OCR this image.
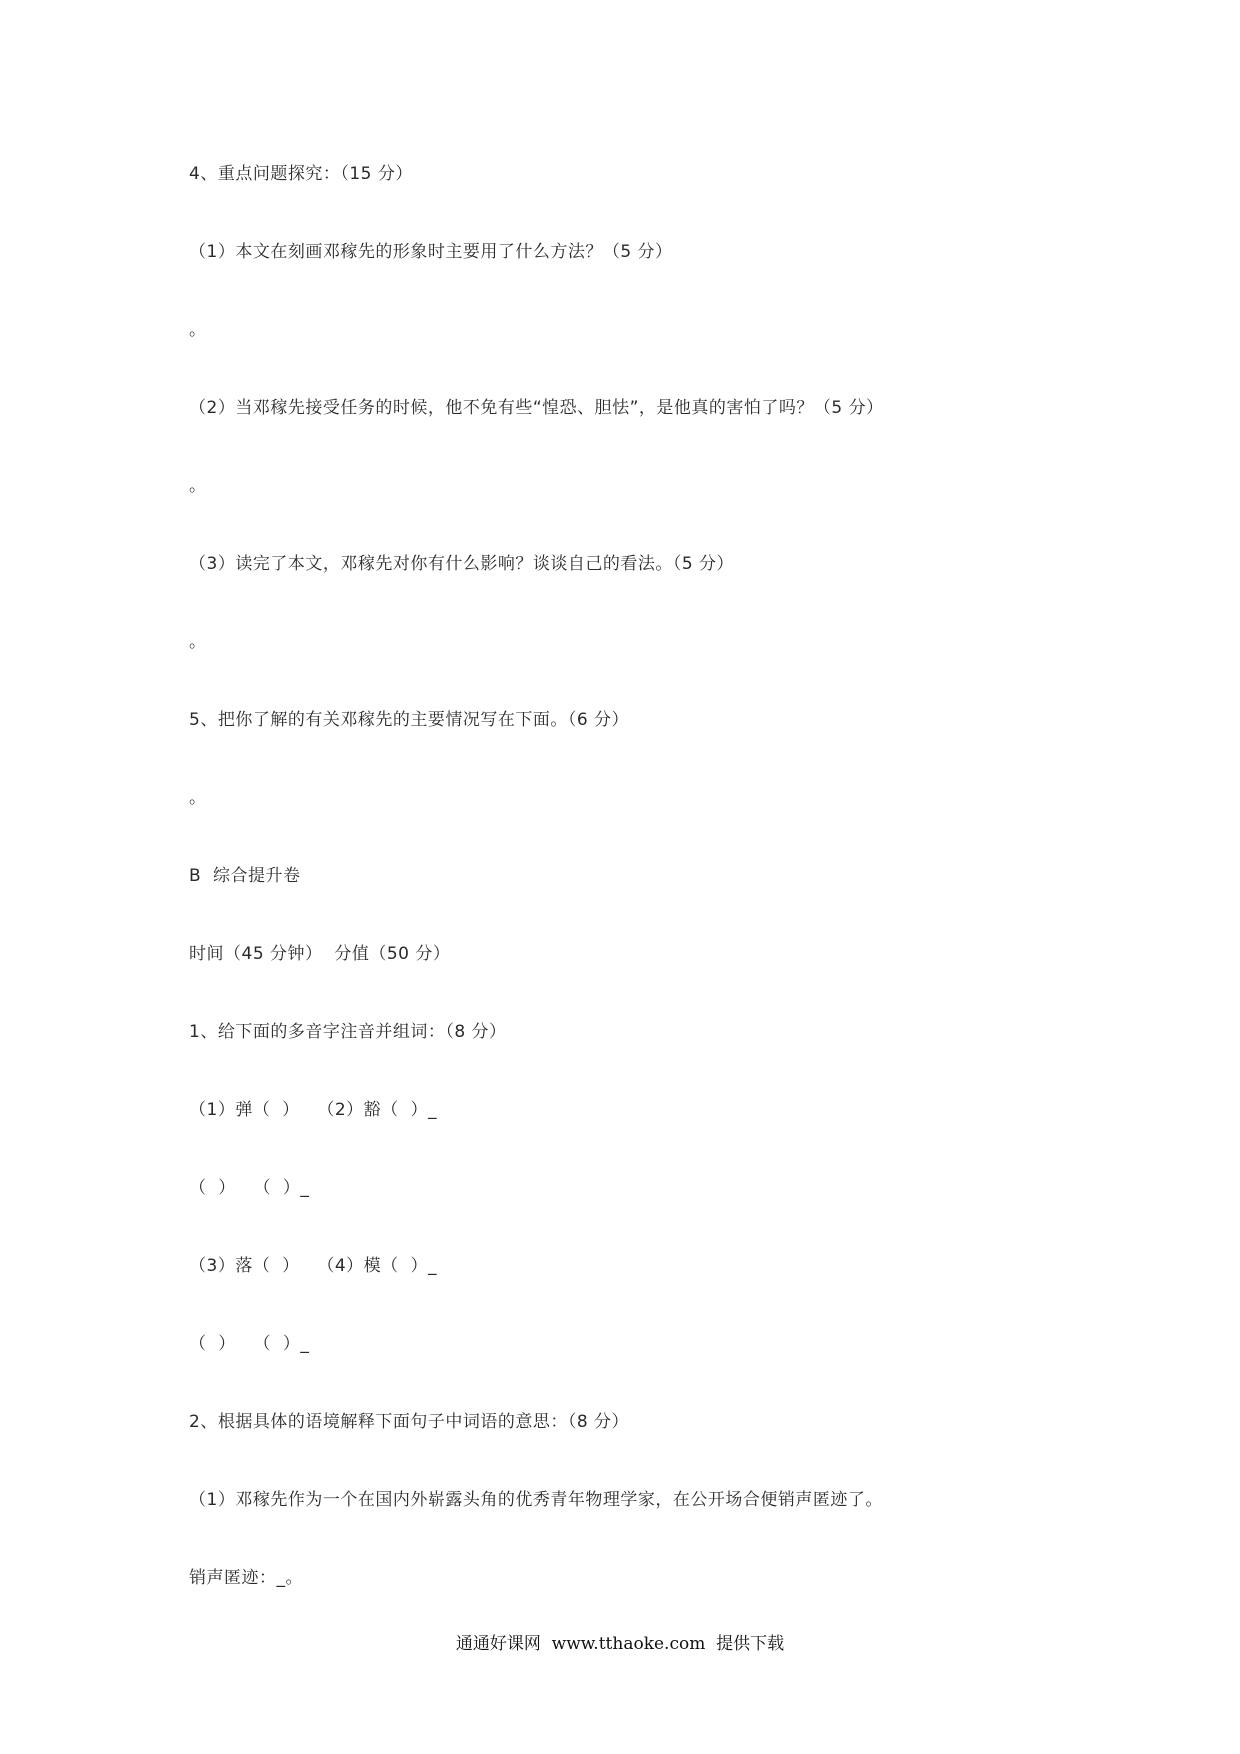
4、重点问题探究：（15 分）
（1）本文在刻画邓稼先的形象时主要用了什么方法？（5 分）
。
（2）当邓稼先接受任务的时候，他不免有些“惶恐、胆怯”，是他真的害怕了吗？（5 分）
。
（3）读完了本文，邓稼先对你有什么影响？谈谈自己的看法。（5 分）
。
5、把你了解的有关邓稼先的主要情况写在下面。（6 分）
。
B  综合提升卷
时间（45 分钟）  分值（50 分）
1、给下面的多音字注音并组词：（8 分）
（1）弹（  ）   （2）豁（  ）_
（  ）   （  ）_
（3）落（  ）   （4）模（  ）_
（  ）   （  ）_
2、根据具体的语境解释下面句子中词语的意思：（8 分）
（1）邓稼先作为一个在国内外崭露头角的优秀青年物理学家，在公开场合便销声匿迹了。
销声匿迹：_。
通通好课网  www.tthaoke.com  提供下载
